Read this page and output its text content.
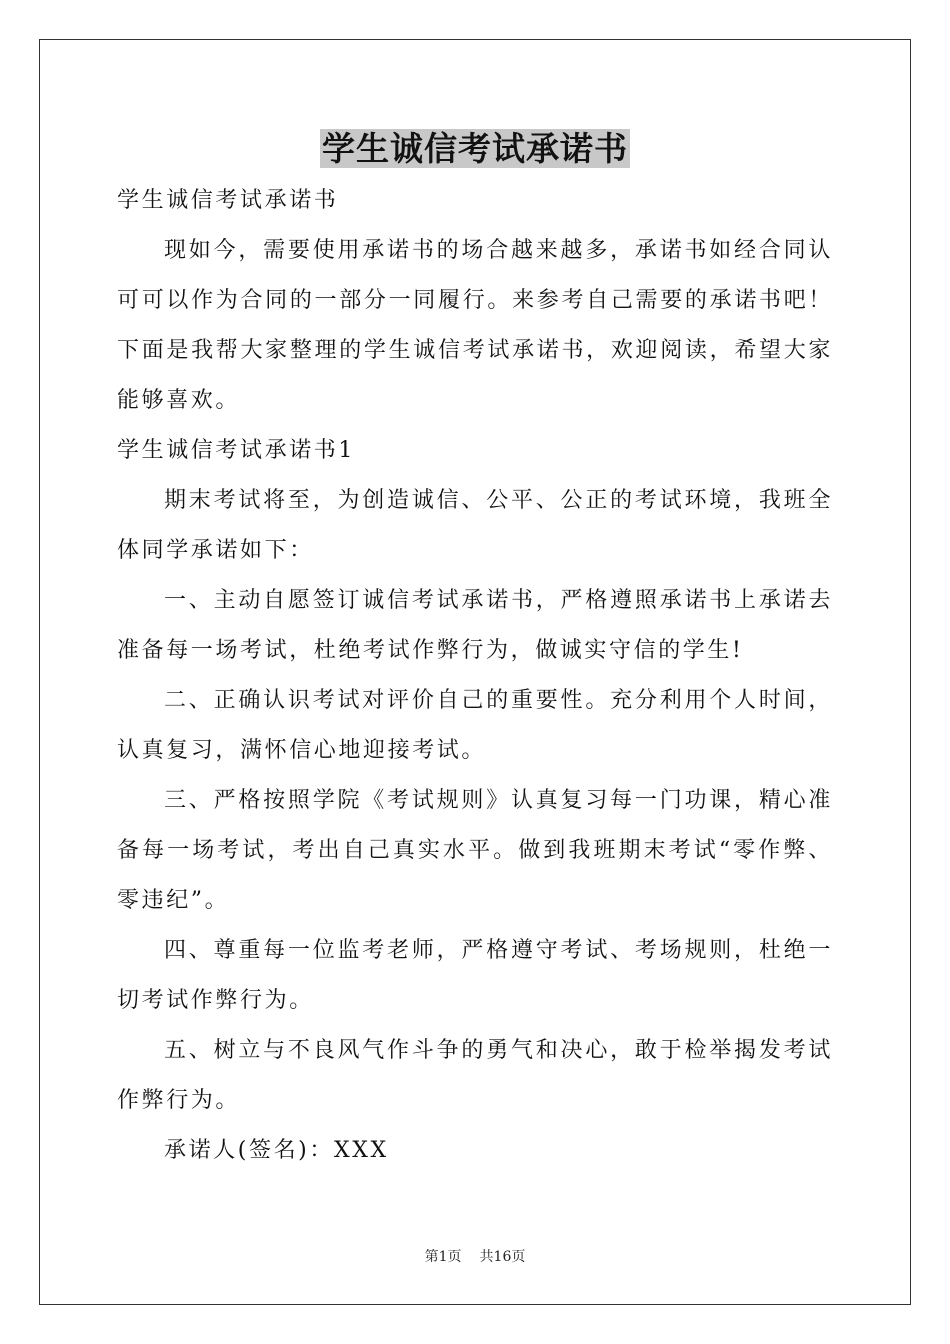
学生诚信考试承诺书

学生诚信考试承诺书

现如今，需要使用承诺书的场合越来越多，承诺书如经合同认可可以作为合同的一部分一同履行。来参考自己需要的承诺书吧！下面是我帮大家整理的学生诚信考试承诺书，欢迎阅读，希望大家能够喜欢。

学生诚信考试承诺书1

期末考试将至，为创造诚信、公平、公正的考试环境，我班全体同学承诺如下：

一、主动自愿签订诚信考试承诺书，严格遵照承诺书上承诺去准备每一场考试，杜绝考试作弊行为，做诚实守信的学生!

二、正确认识考试对评价自己的重要性。充分利用个人时间，认真复习，满怀信心地迎接考试。

三、严格按照学院《考试规则》认真复习每一门功课，精心准备每一场考试，考出自己真实水平。做到我班期末考试“零作弊、零违纪”。

四、尊重每一位监考老师，严格遵守考试、考场规则，杜绝一切考试作弊行为。

五、树立与不良风气作斗争的勇气和决心，敢于检举揭发考试作弊行为。

承诺人(签名)：XXX

第1页 共16页
